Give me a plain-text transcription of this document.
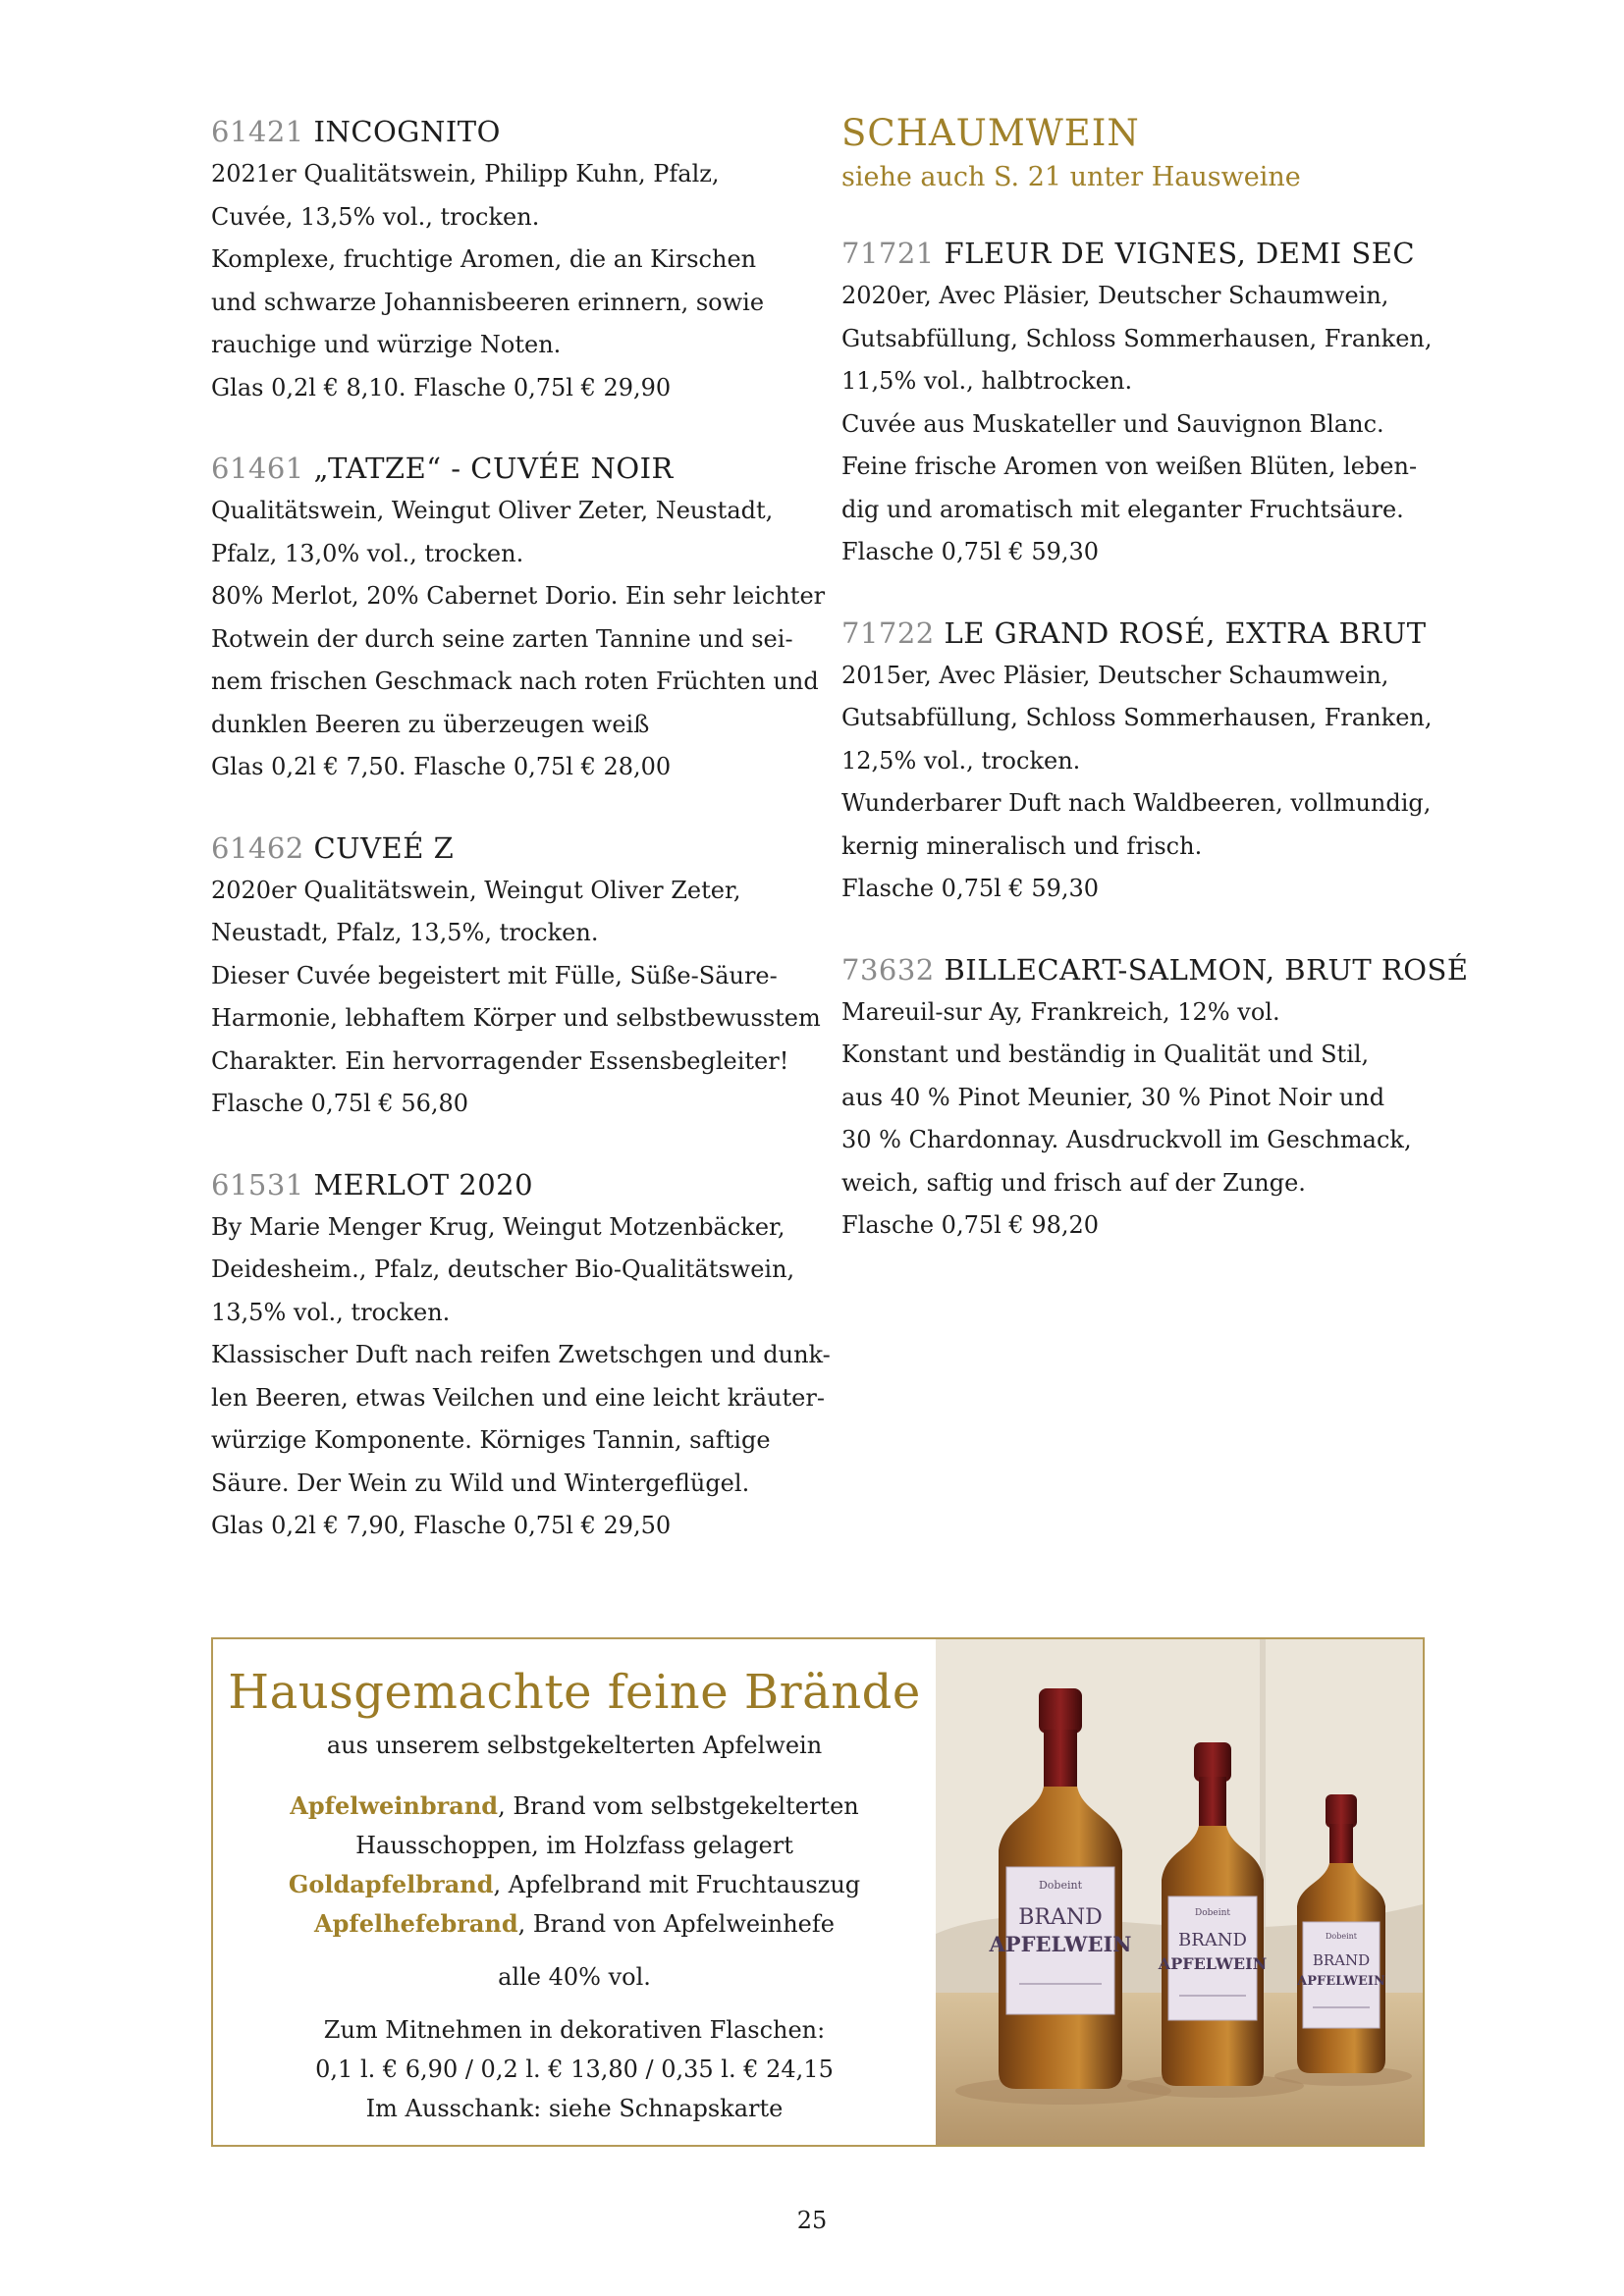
61421 INCOGNITO
2021er Qualitätswein, Philipp Kuhn, Pfalz,
Cuvée, 13,5% vol., trocken.
Komplexe, fruchtige Aromen, die an Kirschen
und schwarze Johannisbeeren erinnern, sowie
rauchige und würzige Noten.
Glas 0,2l € 8,10. Flasche 0,75l € 29,90
61461 „TATZE“ - CUVÉE NOIR
Qualitätswein, Weingut Oliver Zeter, Neustadt,
Pfalz, 13,0% vol., trocken.
80% Merlot, 20% Cabernet Dorio. Ein sehr leichter
Rotwein der durch seine zarten Tannine und sei-
nem frischen Geschmack nach roten Früchten und
dunklen Beeren zu überzeugen weiß
Glas 0,2l € 7,50. Flasche 0,75l € 28,00
61462 CUVEÉ Z
2020er Qualitätswein, Weingut Oliver Zeter,
Neustadt, Pfalz, 13,5%, trocken.
Dieser Cuvée begeistert mit Fülle, Süße-Säure-
Harmonie, lebhaftem Körper und selbstbewusstem
Charakter. Ein hervorragender Essensbegleiter!
Flasche 0,75l € 56,80
61531 MERLOT 2020
By Marie Menger Krug, Weingut Motzenbäcker,
Deidesheim., Pfalz, deutscher Bio-Qualitätswein,
13,5% vol., trocken.
Klassischer Duft nach reifen Zwetschgen und dunk-
len Beeren, etwas Veilchen und eine leicht kräuter-
würzige Komponente. Körniges Tannin, saftige
Säure. Der Wein zu Wild und Wintergeflügel.
Glas 0,2l € 7,90, Flasche 0,75l € 29,50
SCHAUMWEIN
siehe auch S. 21 unter Hausweine
71721 FLEUR DE VIGNES, DEMI SEC
2020er, Avec Pläsier, Deutscher Schaumwein,
Gutsabfüllung, Schloss Sommerhausen, Franken,
11,5% vol., halbtrocken.
Cuvée aus Muskateller und Sauvignon Blanc.
Feine frische Aromen von weißen Blüten, leben-
dig und aromatisch mit eleganter Fruchtsäure.
Flasche 0,75l € 59,30
71722 LE GRAND ROSÉ, EXTRA BRUT
2015er, Avec Pläsier, Deutscher Schaumwein,
Gutsabfüllung, Schloss Sommerhausen, Franken,
12,5% vol., trocken.
Wunderbarer Duft nach Waldbeeren, vollmundig,
kernig mineralisch und frisch.
Flasche 0,75l € 59,30
73632 BILLECART-SALMON, BRUT ROSÉ
Mareuil-sur Ay, Frankreich, 12% vol.
Konstant und beständig in Qualität und Stil,
aus 40 % Pinot Meunier, 30 % Pinot Noir und
30 % Chardonnay. Ausdruckvoll im Geschmack,
weich, saftig und frisch auf der Zunge.
Flasche 0,75l € 98,20
Hausgemachte feine Brände
aus unserem selbstgekelterten Apfelwein
Apfelweinbrand, Brand vom selbstgekelterten
Hausschoppen, im Holzfass gelagert
Goldapfelbrand, Apfelbrand mit Fruchtauszug
Apfelhefebrand, Brand von Apfelweinhefe
alle 40% vol.
Zum Mitnehmen in dekorativen Flaschen:
0,1 l. € 6,90 / 0,2 l. € 13,80 / 0,35 l. € 24,15
Im Ausschank: siehe Schnapskarte
Dobeint
BRAND
APFELWEIN
Dobeint
BRAND
APFELWEIN
Dobeint
BRAND
APFELWEIN
25
